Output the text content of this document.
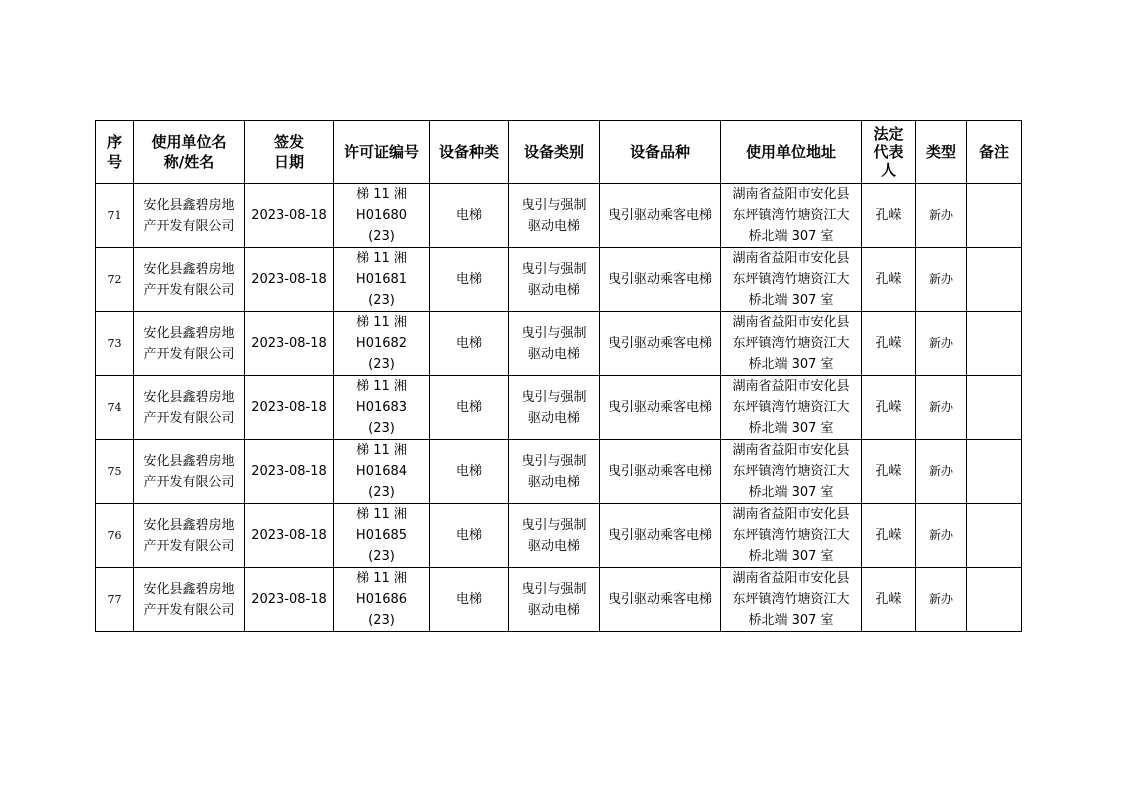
序号	使用单位名称/姓名	签发日期	许可证编号	设备种类	设备类别	设备品种	使用单位地址	法定代表人	类型	备注
71	安化县鑫碧房地产开发有限公司	2023-08-18	梯 11 湘 H01680(23)	电梯	曳引与强制驱动电梯	曳引驱动乘客电梯	湖南省益阳市安化县东坪镇湾竹塘资江大桥北端 307 室	孔嵘	新办	
72	安化县鑫碧房地产开发有限公司	2023-08-18	梯 11 湘 H01681(23)	电梯	曳引与强制驱动电梯	曳引驱动乘客电梯	湖南省益阳市安化县东坪镇湾竹塘资江大桥北端 307 室	孔嵘	新办	
73	安化县鑫碧房地产开发有限公司	2023-08-18	梯 11 湘 H01682(23)	电梯	曳引与强制驱动电梯	曳引驱动乘客电梯	湖南省益阳市安化县东坪镇湾竹塘资江大桥北端 307 室	孔嵘	新办	
74	安化县鑫碧房地产开发有限公司	2023-08-18	梯 11 湘 H01683(23)	电梯	曳引与强制驱动电梯	曳引驱动乘客电梯	湖南省益阳市安化县东坪镇湾竹塘资江大桥北端 307 室	孔嵘	新办	
75	安化县鑫碧房地产开发有限公司	2023-08-18	梯 11 湘 H01684(23)	电梯	曳引与强制驱动电梯	曳引驱动乘客电梯	湖南省益阳市安化县东坪镇湾竹塘资江大桥北端 307 室	孔嵘	新办	
76	安化县鑫碧房地产开发有限公司	2023-08-18	梯 11 湘 H01685(23)	电梯	曳引与强制驱动电梯	曳引驱动乘客电梯	湖南省益阳市安化县东坪镇湾竹塘资江大桥北端 307 室	孔嵘	新办	
77	安化县鑫碧房地产开发有限公司	2023-08-18	梯 11 湘 H01686(23)	电梯	曳引与强制驱动电梯	曳引驱动乘客电梯	湖南省益阳市安化县东坪镇湾竹塘资江大桥北端 307 室	孔嵘	新办	
